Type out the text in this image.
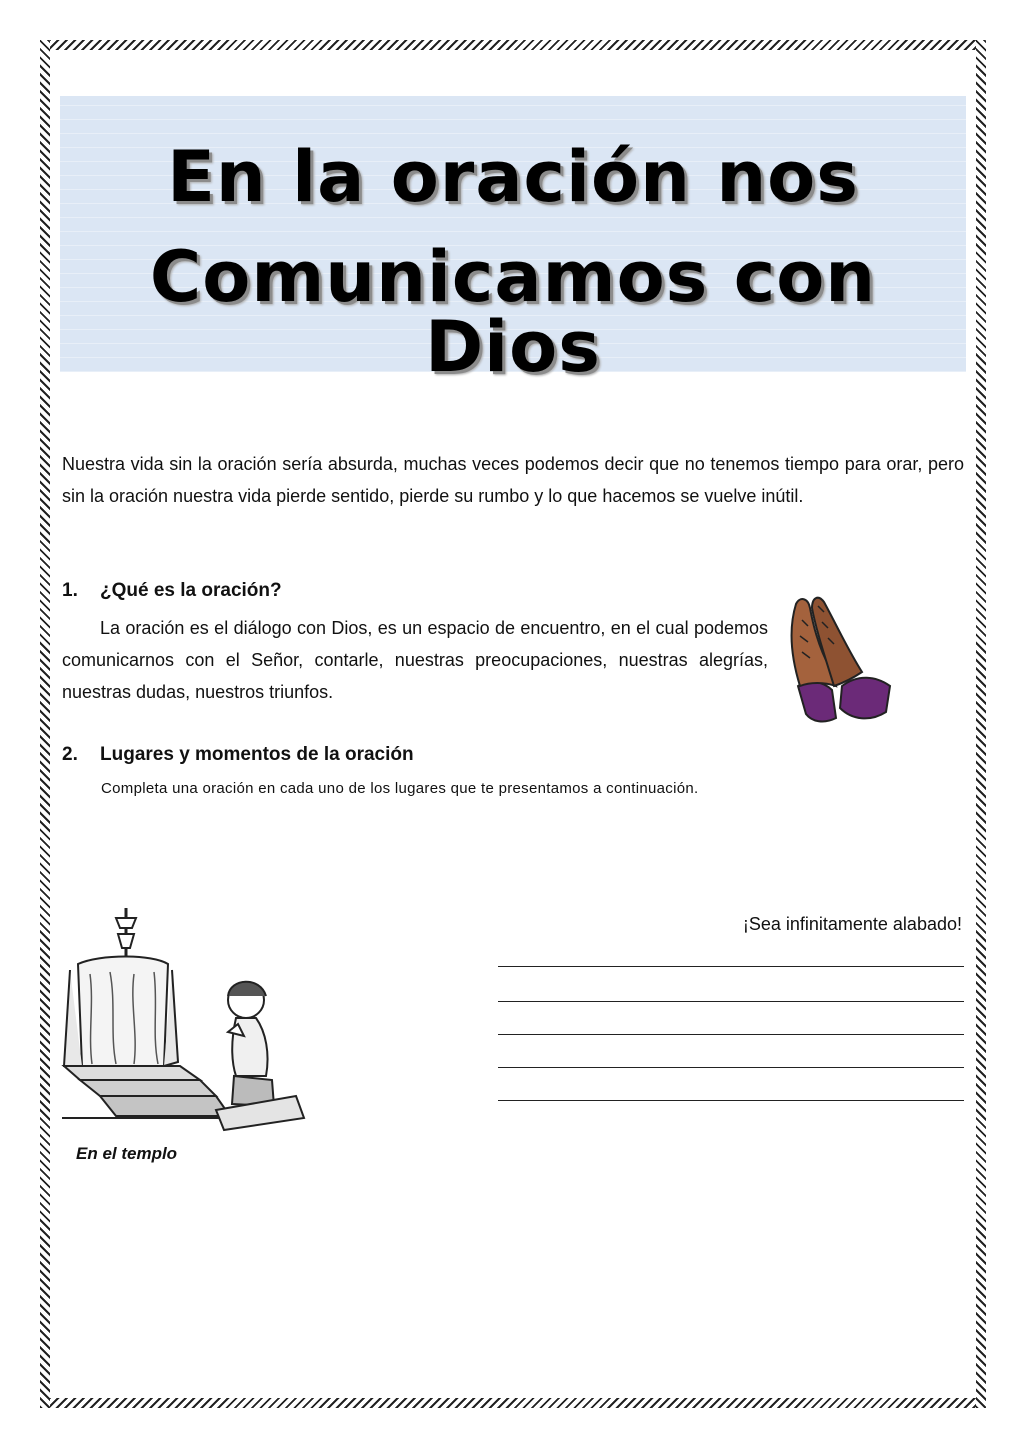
En la oración nos
Comunicamos con Dios

Nuestra vida sin la oración sería absurda, muchas veces podemos decir que no tenemos tiempo para orar, pero sin la oración nuestra vida pierde sentido, pierde su rumbo y lo que hacemos se vuelve inútil.

1. ¿Qué es la oración?

La oración es el diálogo con Dios, es un espacio de encuentro, en el cual podemos comunicarnos con el Señor, contarle, nuestras preocupaciones, nuestras alegrías, nuestras dudas, nuestros triunfos.

2. Lugares y momentos de la oración

Completa una oración en cada uno de los lugares que te presentamos a continuación.

En el templo

¡Sea infinitamente alabado!
